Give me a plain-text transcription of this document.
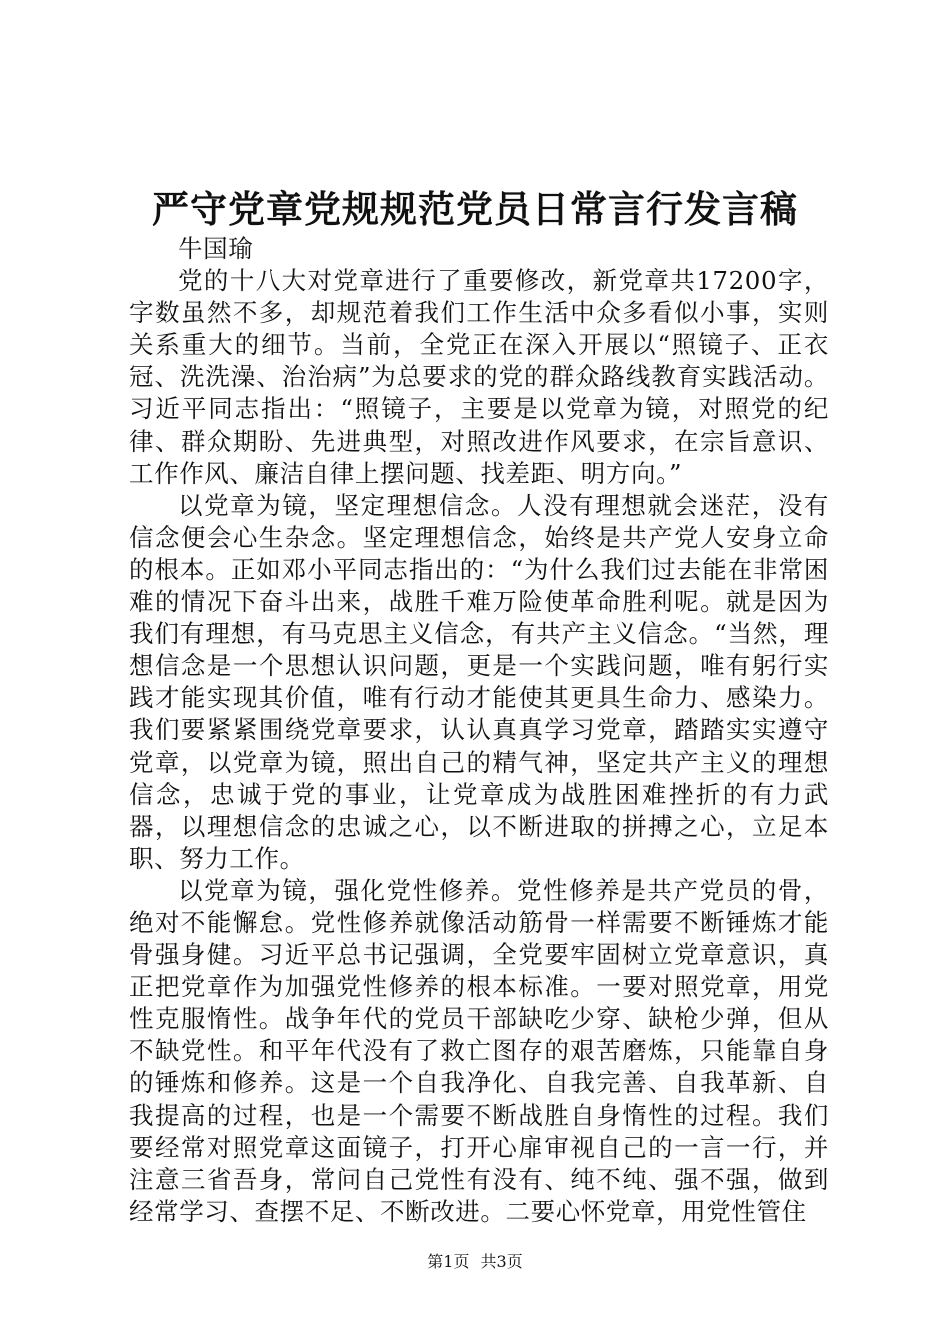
严守党章党规规范党员日常言行发言稿

牛国瑜

党的十八大对党章进行了重要修改，新党章共17200字，字数虽然不多，却规范着我们工作生活中众多看似小事，实则关系重大的细节。当前，全党正在深入开展以“照镜子、正衣冠、洗洗澡、治治病”为总要求的党的群众路线教育实践活动。习近平同志指出：“照镜子，主要是以党章为镜，对照党的纪律、群众期盼、先进典型，对照改进作风要求，在宗旨意识、工作作风、廉洁自律上摆问题、找差距、明方向。”

以党章为镜，坚定理想信念。人没有理想就会迷茫，没有信念便会心生杂念。坚定理想信念，始终是共产党人安身立命的根本。正如邓小平同志指出的：“为什么我们过去能在非常困难的情况下奋斗出来，战胜千难万险使革命胜利呢。就是因为我们有理想，有马克思主义信念，有共产主义信念。“当然，理想信念是一个思想认识问题，更是一个实践问题，唯有躬行实践才能实现其价值，唯有行动才能使其更具生命力、感染力。我们要紧紧围绕党章要求，认认真真学习党章，踏踏实实遵守党章，以党章为镜，照出自己的精气神，坚定共产主义的理想信念，忠诚于党的事业，让党章成为战胜困难挫折的有力武器，以理想信念的忠诚之心，以不断进取的拼搏之心，立足本职、努力工作。

以党章为镜，强化党性修养。党性修养是共产党员的骨，绝对不能懈怠。党性修养就像活动筋骨一样需要不断锤炼才能骨强身健。习近平总书记强调，全党要牢固树立党章意识，真正把党章作为加强党性修养的根本标准。一要对照党章，用党性克服惰性。战争年代的党员干部缺吃少穿、缺枪少弹，但从不缺党性。和平年代没有了救亡图存的艰苦磨炼，只能靠自身的锤炼和修养。这是一个自我净化、自我完善、自我革新、自我提高的过程，也是一个需要不断战胜自身惰性的过程。我们要经常对照党章这面镜子，打开心扉审视自己的一言一行，并注意三省吾身，常问自己党性有没有、纯不纯、强不强，做到经常学习、查摆不足、不断改进。二要心怀党章，用党性管住

第1页 共3页
